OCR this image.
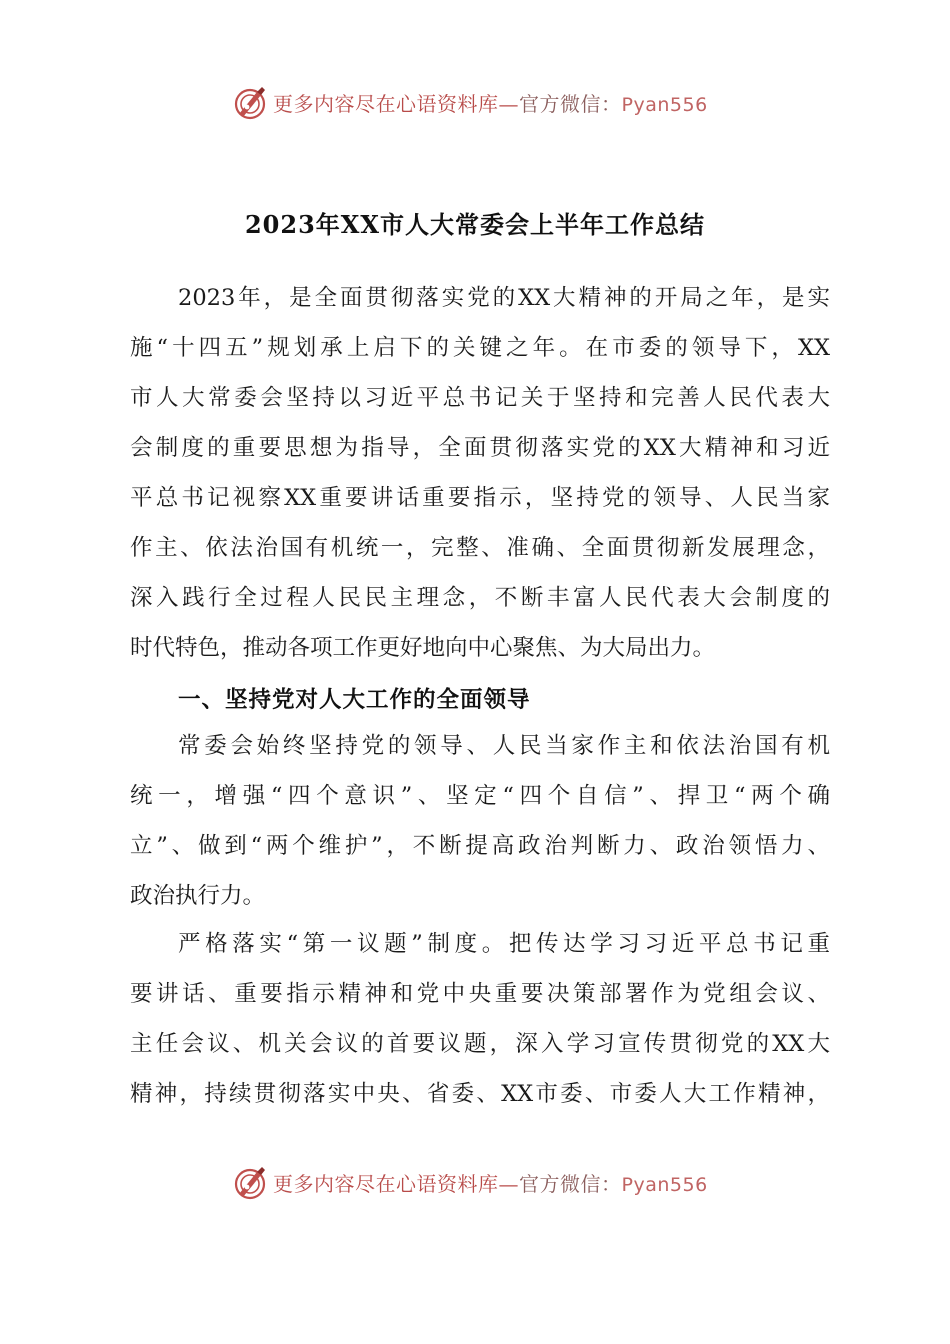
更多内容尽在心语资料库—官方微信：Pyan556
2023年XX市人大常委会上半年工作总结
2023年，是全面贯彻落实党的XX大精神的开局之年，是实
施“十四五”规划承上启下的关键之年。在市委的领导下，XX
市人大常委会坚持以习近平总书记关于坚持和完善人民代表大
会制度的重要思想为指导，全面贯彻落实党的XX大精神和习近
平总书记视察XX重要讲话重要指示，坚持党的领导、人民当家
作主、依法治国有机统一，完整、准确、全面贯彻新发展理念，
深入践行全过程人民民主理念，不断丰富人民代表大会制度的
时代特色，推动各项工作更好地向中心聚焦、为大局出力。
一、坚持党对人大工作的全面领导
常委会始终坚持党的领导、人民当家作主和依法治国有机
统一，增强“四个意识”、坚定“四个自信”、捍卫“两个确
立”、做到“两个维护”，不断提高政治判断力、政治领悟力、
政治执行力。
严格落实“第一议题”制度。把传达学习习近平总书记重
要讲话、重要指示精神和党中央重要决策部署作为党组会议、
主任会议、机关会议的首要议题，深入学习宣传贯彻党的XX大
精神，持续贯彻落实中央、省委、XX市委、市委人大工作精神，
更多内容尽在心语资料库—官方微信：Pyan556
